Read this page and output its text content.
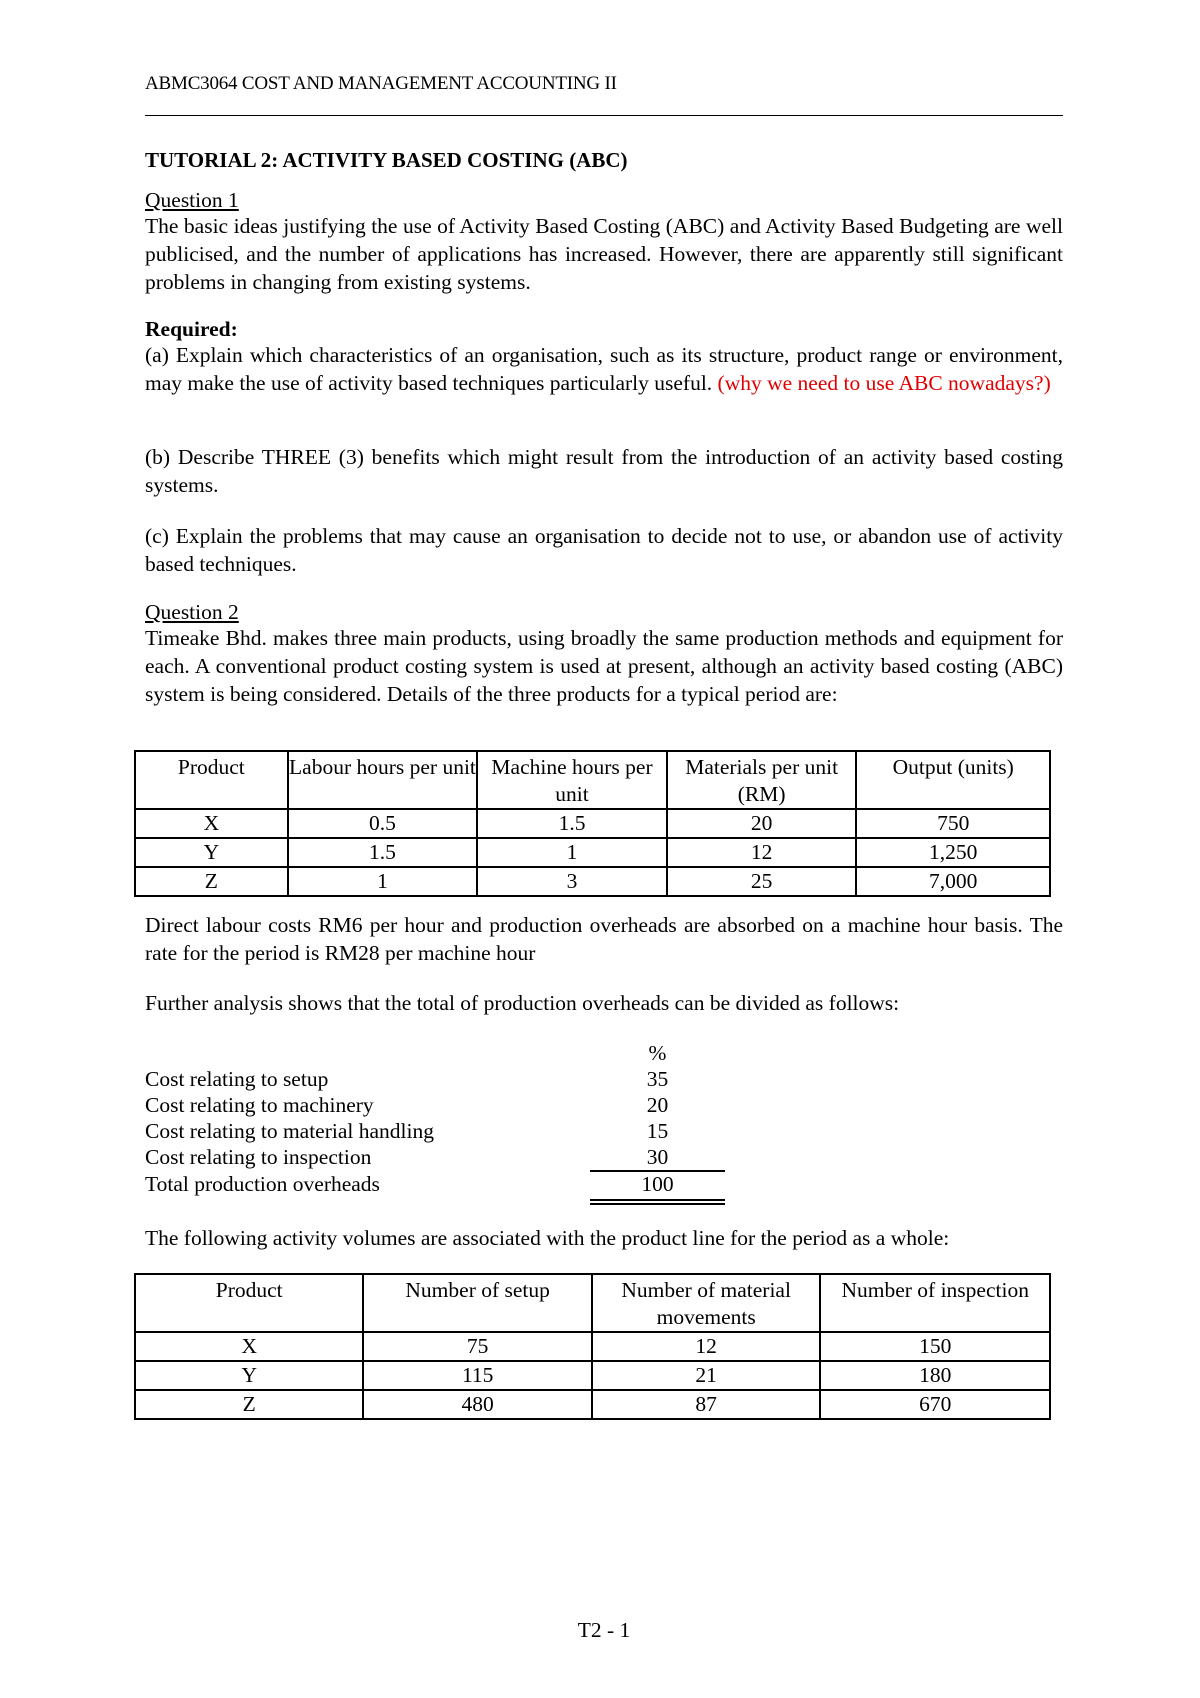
ABMC3064 COST AND MANAGEMENT ACCOUNTING II
TUTORIAL 2: ACTIVITY BASED COSTING (ABC)
Question 1
The basic ideas justifying the use of Activity Based Costing (ABC) and Activity Based Budgeting are well publicised, and the number of applications has increased. However, there are apparently still significant problems in changing from existing systems.
Required:
(a) Explain which characteristics of an organisation, such as its structure, product range or environment, may make the use of activity based techniques particularly useful. (why we need to use ABC nowadays?)
(b) Describe THREE (3) benefits which might result from the introduction of an activity based costing systems.
(c) Explain the problems that may cause an organisation to decide not to use, or abandon use of activity based techniques.
Question 2
Timeake Bhd. makes three main products, using broadly the same production methods and equipment for each. A conventional product costing system is used at present, although an activity based costing (ABC) system is being considered. Details of the three products for a typical period are:
Product	Labour hours per unit	Machine hours per unit	Materials per unit (RM)	Output (units)
X	0.5	1.5	20	750
Y	1.5	1	12	1,250
Z	1	3	25	7,000
Direct labour costs RM6 per hour and production overheads are absorbed on a machine hour basis. The rate for the period is RM28 per machine hour
Further analysis shows that the total of production overheads can be divided as follows:
%
Cost relating to setup	35
Cost relating to machinery	20
Cost relating to material handling	15
Cost relating to inspection	30
Total production overheads	100
The following activity volumes are associated with the product line for the period as a whole:
Product	Number of setup	Number of material movements	Number of inspection
X	75	12	150
Y	115	21	180
Z	480	87	670
T2 - 1
